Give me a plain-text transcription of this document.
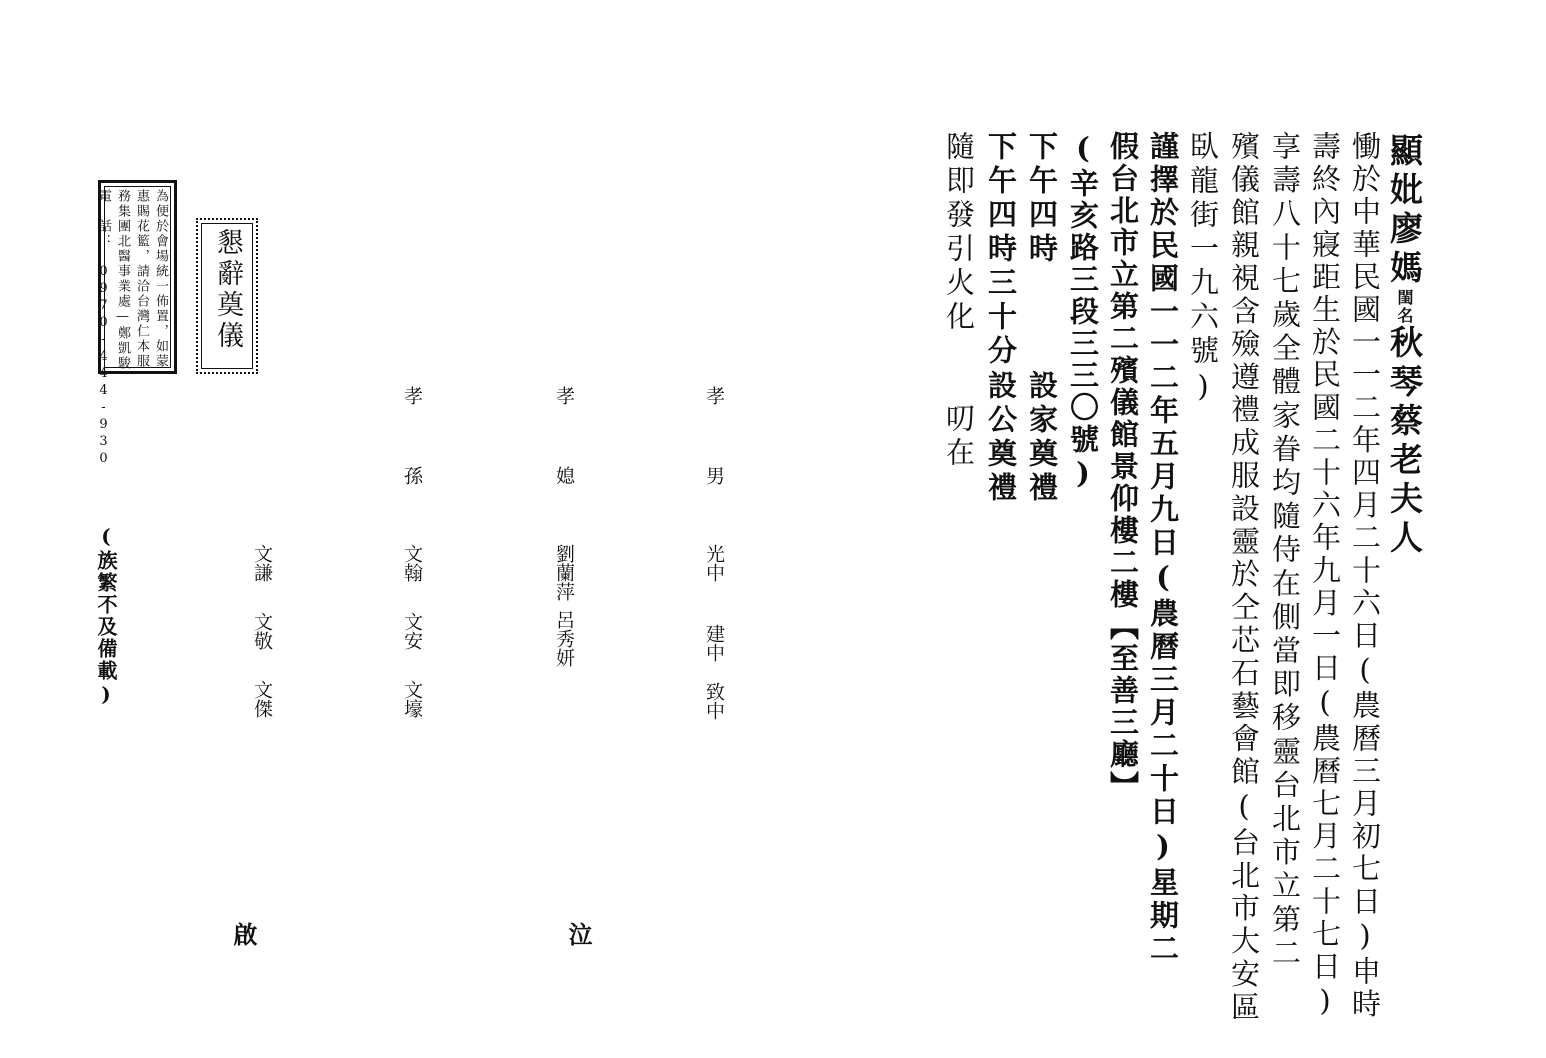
顯妣廖媽閨名秋琴蔡老夫人
慟於中華民國一一二年四月二十六日(農曆三月初七日)申時
壽終內寢距生於民國二十六年九月一日(農曆七月二十七日)
享壽八十七歲全體家眷均隨侍在側當即移靈台北市立第二
殯儀館親視含殮遵禮成服設靈於仝芯石藝會館(台北市大安區
臥龍街一九六號)
謹擇於民國一一二年五月九日(農曆三月二十日)星期二
假台北市立第二殯儀館景仰樓二樓【至善三廳】
(辛亥路三段三三〇號)
下午四時
設家奠禮
下午四時三十分
設公奠禮
隨即發引火化
叨在
孝
男
光中
建中
致中
孝
媳
劉蘭萍
呂秀妍
孝
孫
文翰
文安
文壕
文謙
文敬
文傑
泣
啟
為便於會場統一佈置，如蒙
惠賜花籃，請洽台灣仁本服
務集團北醫事業處—鄭凱駿
電　話：　0970-444-930	懇辭奠儀
(族繁不及備載)
